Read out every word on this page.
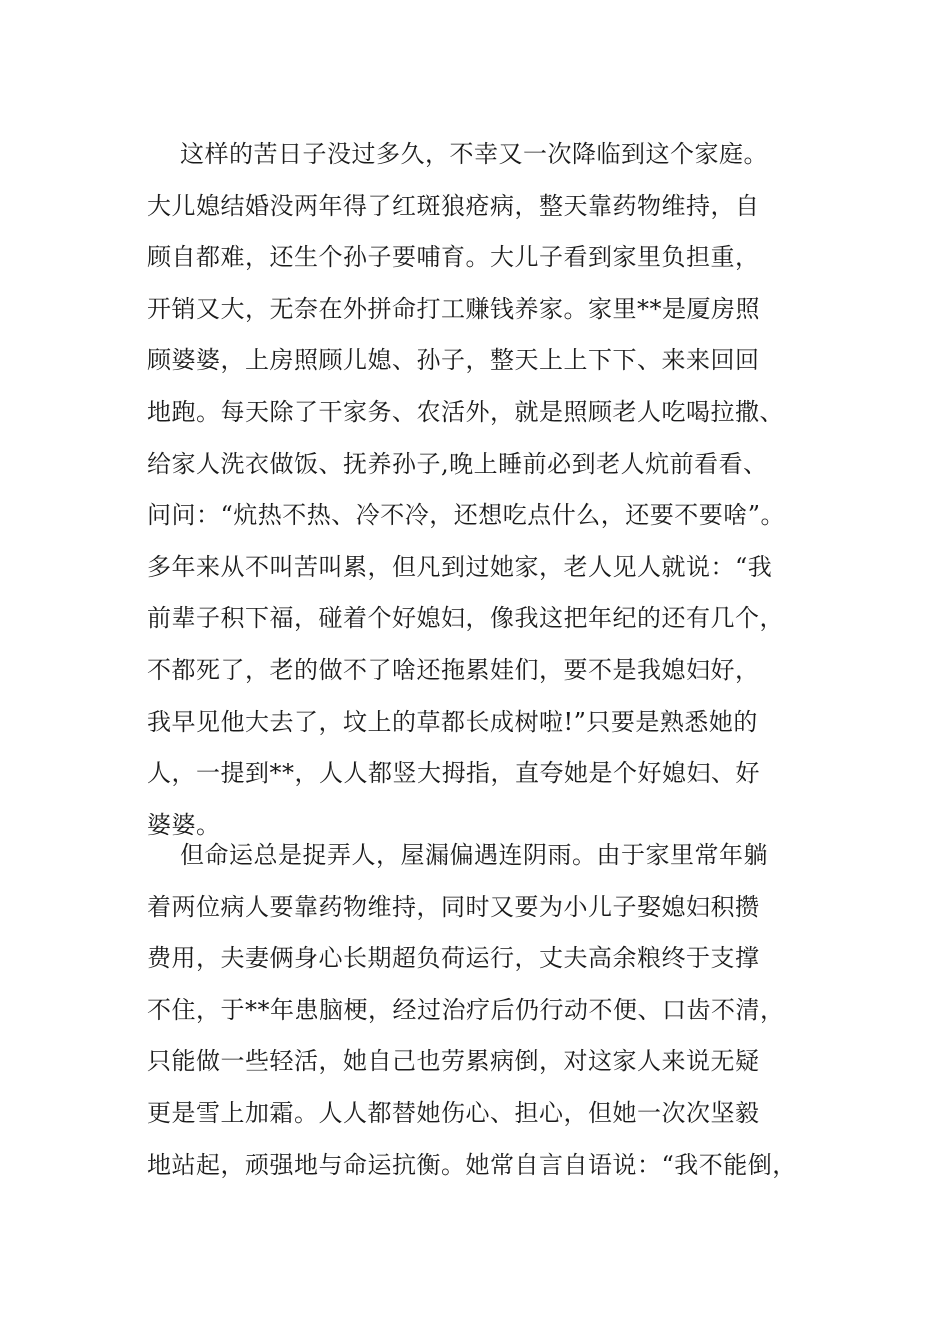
这样的苦日子没过多久，不幸又一次降临到这个家庭。
大儿媳结婚没两年得了红斑狼疮病，整天靠药物维持，自
顾自都难，还生个孙子要哺育。大儿子看到家里负担重，
开销又大，无奈在外拼命打工赚钱养家。家里**是厦房照
顾婆婆，上房照顾儿媳、孙子，整天上上下下、来来回回
地跑。每天除了干家务、农活外，就是照顾老人吃喝拉撒、
给家人洗衣做饭、抚养孙子,晚上睡前必到老人炕前看看、
问问：“炕热不热、冷不冷，还想吃点什么，还要不要啥”。
多年来从不叫苦叫累，但凡到过她家，老人见人就说：“我
前辈子积下福，碰着个好媳妇，像我这把年纪的还有几个，
不都死了，老的做不了啥还拖累娃们，要不是我媳妇好，
我早见他大去了，坟上的草都长成树啦!”只要是熟悉她的
人，一提到**，人人都竖大拇指，直夸她是个好媳妇、好
婆婆。
但命运总是捉弄人，屋漏偏遇连阴雨。由于家里常年躺
着两位病人要靠药物维持，同时又要为小儿子娶媳妇积攒
费用，夫妻俩身心长期超负荷运行，丈夫高余粮终于支撑
不住，于**年患脑梗，经过治疗后仍行动不便、口齿不清，
只能做一些轻活，她自己也劳累病倒，对这家人来说无疑
更是雪上加霜。人人都替她伤心、担心，但她一次次坚毅
地站起，顽强地与命运抗衡。她常自言自语说：“我不能倒，
